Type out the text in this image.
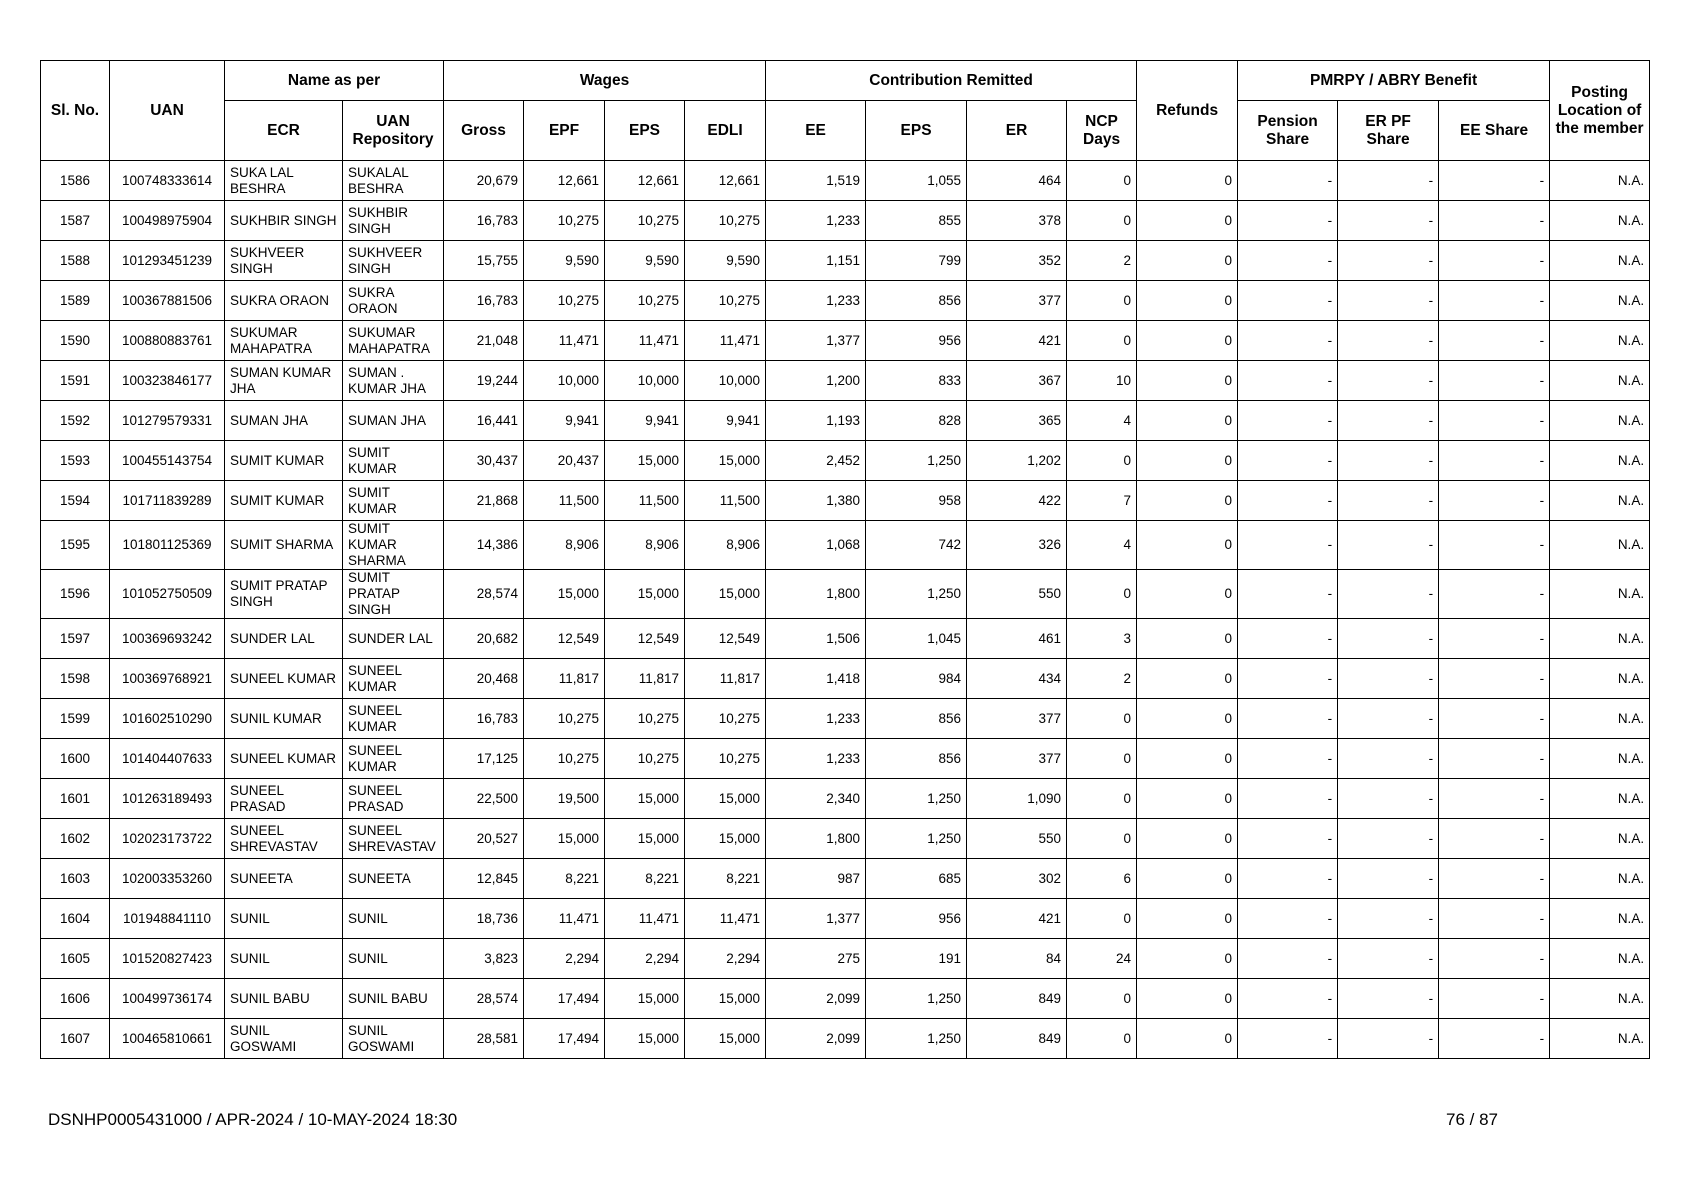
Sl. No.	UAN	Name as per		Wages				Contribution Remitted				Refunds	PMRPY / ABRY Benefit			Posting Location of the member
		ECR	UAN Repository	Gross	EPF	EPS	EDLI	EE	EPS	ER	NCP Days		Pension Share	ER PF Share	EE Share	
1586	100748333614	SUKA LAL BESHRA	SUKALAL BESHRA	20,679	12,661	12,661	12,661	1,519	1,055	464	0	0	-	-	-	N.A.
1587	100498975904	SUKHBIR SINGH	SUKHBIR SINGH	16,783	10,275	10,275	10,275	1,233	855	378	0	0	-	-	-	N.A.
1588	101293451239	SUKHVEER SINGH	SUKHVEER SINGH	15,755	9,590	9,590	9,590	1,151	799	352	2	0	-	-	-	N.A.
1589	100367881506	SUKRA ORAON	SUKRA ORAON	16,783	10,275	10,275	10,275	1,233	856	377	0	0	-	-	-	N.A.
1590	100880883761	SUKUMAR MAHAPATRA	SUKUMAR MAHAPATRA	21,048	11,471	11,471	11,471	1,377	956	421	0	0	-	-	-	N.A.
1591	100323846177	SUMAN KUMAR JHA	SUMAN . KUMAR JHA	19,244	10,000	10,000	10,000	1,200	833	367	10	0	-	-	-	N.A.
1592	101279579331	SUMAN JHA	SUMAN JHA	16,441	9,941	9,941	9,941	1,193	828	365	4	0	-	-	-	N.A.
1593	100455143754	SUMIT KUMAR	SUMIT KUMAR	30,437	20,437	15,000	15,000	2,452	1,250	1,202	0	0	-	-	-	N.A.
1594	101711839289	SUMIT KUMAR	SUMIT KUMAR	21,868	11,500	11,500	11,500	1,380	958	422	7	0	-	-	-	N.A.
1595	101801125369	SUMIT SHARMA	SUMIT KUMAR SHARMA	14,386	8,906	8,906	8,906	1,068	742	326	4	0	-	-	-	N.A.
1596	101052750509	SUMIT PRATAP SINGH	SUMIT PRATAP SINGH	28,574	15,000	15,000	15,000	1,800	1,250	550	0	0	-	-	-	N.A.
1597	100369693242	SUNDER LAL	SUNDER LAL	20,682	12,549	12,549	12,549	1,506	1,045	461	3	0	-	-	-	N.A.
1598	100369768921	SUNEEL KUMAR	SUNEEL KUMAR	20,468	11,817	11,817	11,817	1,418	984	434	2	0	-	-	-	N.A.
1599	101602510290	SUNIL KUMAR	SUNEEL KUMAR	16,783	10,275	10,275	10,275	1,233	856	377	0	0	-	-	-	N.A.
1600	101404407633	SUNEEL KUMAR	SUNEEL KUMAR	17,125	10,275	10,275	10,275	1,233	856	377	0	0	-	-	-	N.A.
1601	101263189493	SUNEEL PRASAD	SUNEEL PRASAD	22,500	19,500	15,000	15,000	2,340	1,250	1,090	0	0	-	-	-	N.A.
1602	102023173722	SUNEEL SHREVASTAV	SUNEEL SHREVASTAV	20,527	15,000	15,000	15,000	1,800	1,250	550	0	0	-	-	-	N.A.
1603	102003353260	SUNEETA	SUNEETA	12,845	8,221	8,221	8,221	987	685	302	6	0	-	-	-	N.A.
1604	101948841110	SUNIL	SUNIL	18,736	11,471	11,471	11,471	1,377	956	421	0	0	-	-	-	N.A.
1605	101520827423	SUNIL	SUNIL	3,823	2,294	2,294	2,294	275	191	84	24	0	-	-	-	N.A.
1606	100499736174	SUNIL BABU	SUNIL BABU	28,574	17,494	15,000	15,000	2,099	1,250	849	0	0	-	-	-	N.A.
1607	100465810661	SUNIL GOSWAMI	SUNIL GOSWAMI	28,581	17,494	15,000	15,000	2,099	1,250	849	0	0	-	-	-	N.A.
DSNHP0005431000 / APR-2024 / 10-MAY-2024 18:30	76 / 87
